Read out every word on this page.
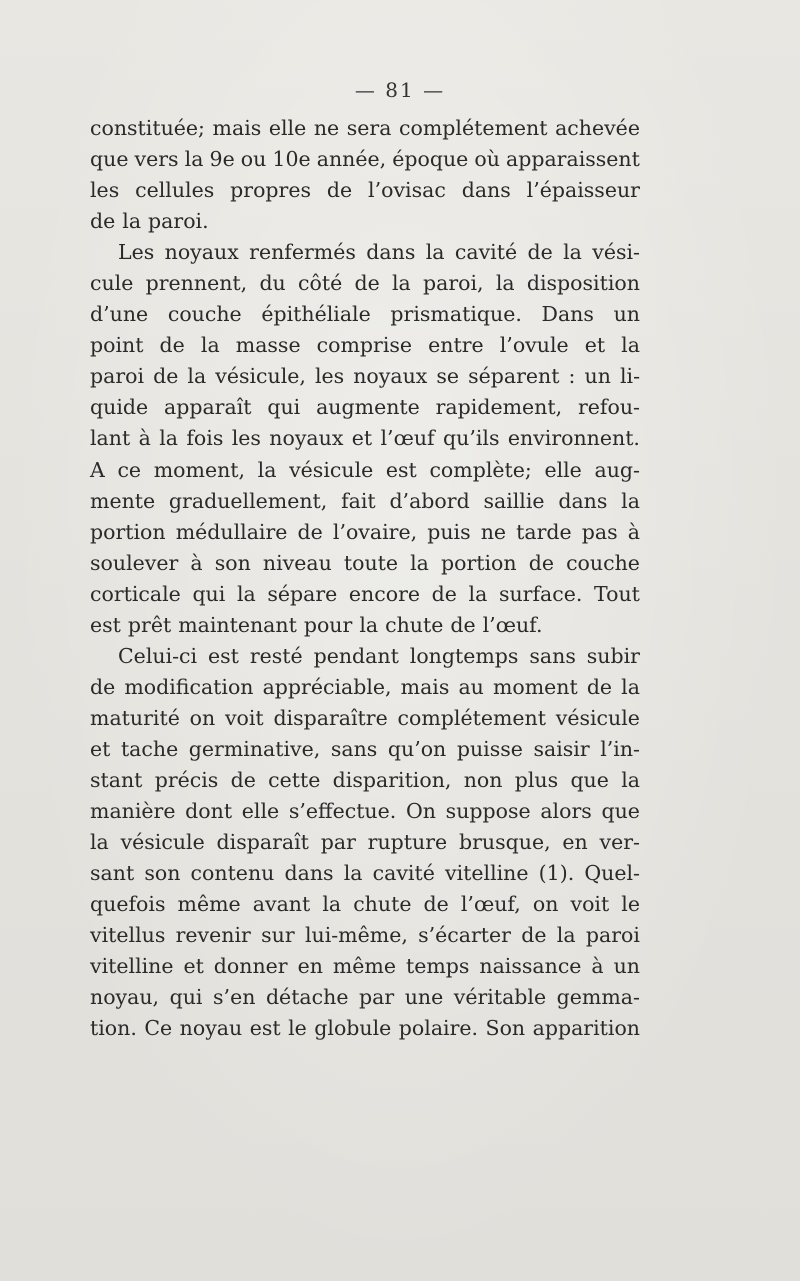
— 81 —
constituée; mais elle ne sera complétement achevée
que vers la 9e ou 10e année, époque où apparaissent
les cellules propres de l’ovisac dans l’épaisseur
de la paroi.
Les noyaux renfermés dans la cavité de la vési-
cule prennent, du côté de la paroi, la disposition
d’une couche épithéliale prismatique. Dans un
point de la masse comprise entre l’ovule et la
paroi de la vésicule, les noyaux se séparent : un li-
quide apparaît qui augmente rapidement, refou-
lant à la fois les noyaux et l’œuf qu’ils environnent.
A ce moment, la vésicule est complète; elle aug-
mente graduellement, fait d’abord saillie dans la
portion médullaire de l’ovaire, puis ne tarde pas à
soulever à son niveau toute la portion de couche
corticale qui la sépare encore de la surface. Tout
est prêt maintenant pour la chute de l’œuf.
Celui-ci est resté pendant longtemps sans subir
de modification appréciable, mais au moment de la
maturité on voit disparaître complétement vésicule
et tache germinative, sans qu’on puisse saisir l’in-
stant précis de cette disparition, non plus que la
manière dont elle s’effectue. On suppose alors que
la vésicule disparaît par rupture brusque, en ver-
sant son contenu dans la cavité vitelline (1). Quel-
quefois même avant la chute de l’œuf, on voit le
vitellus revenir sur lui-même, s’écarter de la paroi
vitelline et donner en même temps naissance à un
noyau, qui s’en détache par une véritable gemma-
tion. Ce noyau est le globule polaire. Son apparition
